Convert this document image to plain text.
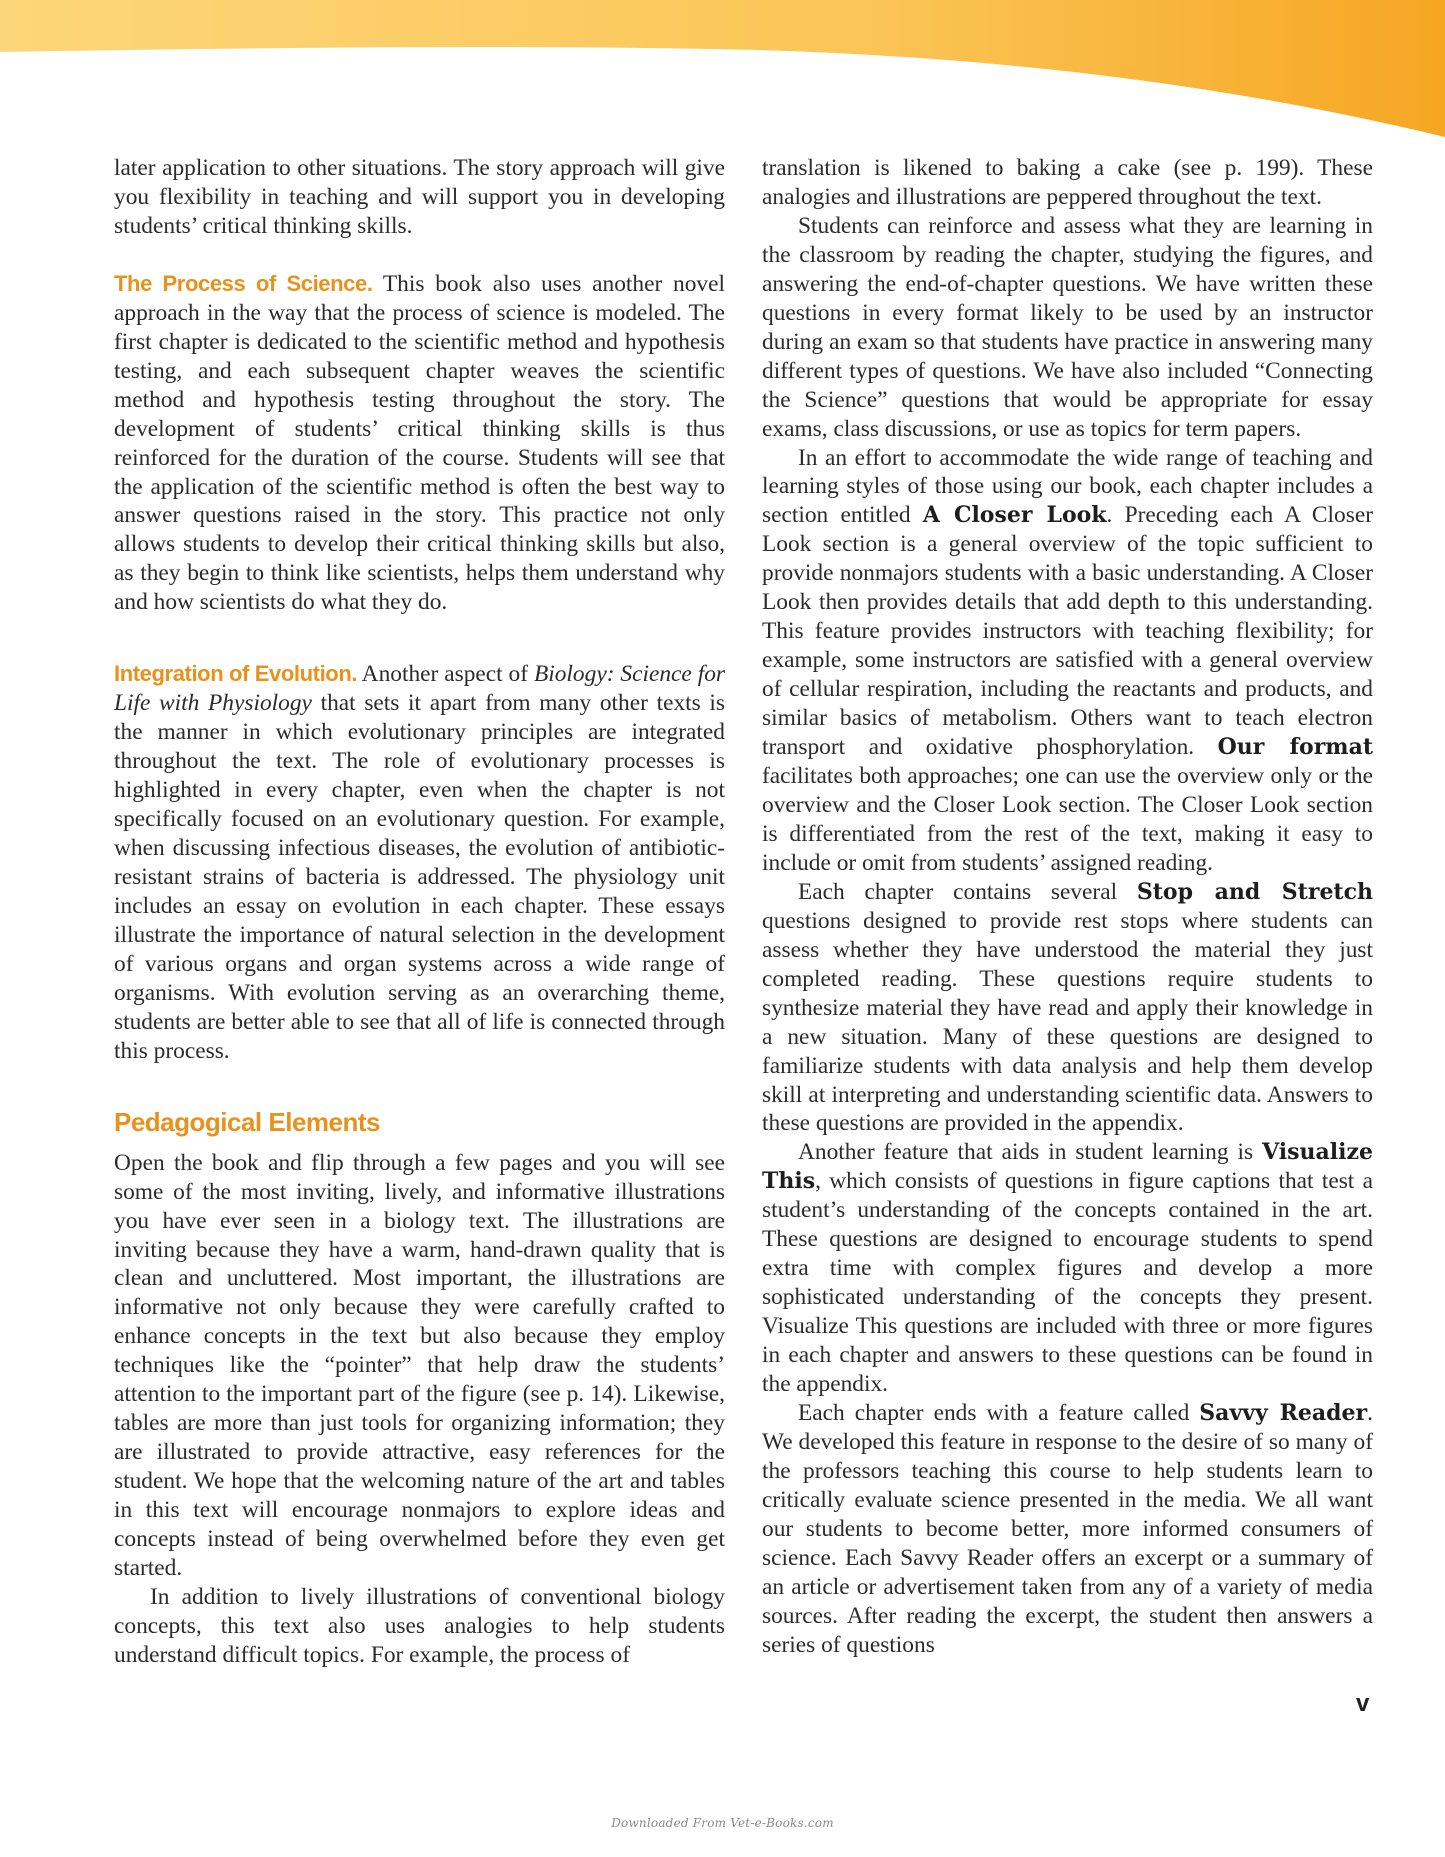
later application to other situations. The story approach will give you flexibility in teaching and will support you in developing students’ critical thinking skills.

The Process of Science. This book also uses another novel approach in the way that the process of science is modeled. The first chapter is dedicated to the scientific method and hypothesis testing, and each subsequent chapter weaves the scientific method and hypothesis testing throughout the story. The development of students’ critical thinking skills is thus reinforced for the duration of the course. Students will see that the application of the scientific method is often the best way to answer questions raised in the story. This practice not only allows students to develop their critical thinking skills but also, as they begin to think like scientists, helps them understand why and how scientists do what they do.

Integration of Evolution. Another aspect of Biology: Science for Life with Physiology that sets it apart from many other texts is the manner in which evolutionary principles are integrated throughout the text. The role of evolutionary processes is highlighted in every chapter, even when the chapter is not specifically focused on an evolutionary question. For example, when discussing infectious diseases, the evolution of antibiotic-resistant strains of bacteria is addressed. The physiology unit includes an essay on evolution in each chapter. These essays illustrate the importance of natural selection in the development of various organs and organ systems across a wide range of organisms. With evolution serving as an overarching theme, students are better able to see that all of life is connected through this process.

Pedagogical Elements

Open the book and flip through a few pages and you will see some of the most inviting, lively, and informative illustrations you have ever seen in a biology text. The illustrations are inviting because they have a warm, hand-drawn quality that is clean and uncluttered. Most important, the illustrations are informative not only because they were carefully crafted to enhance concepts in the text but also because they employ techniques like the “pointer” that help draw the students’ attention to the important part of the figure (see p. 14). Likewise, tables are more than just tools for organizing information; they are illustrated to provide attractive, easy references for the student. We hope that the welcoming nature of the art and tables in this text will encourage nonmajors to explore ideas and concepts instead of being overwhelmed before they even get started.

In addition to lively illustrations of conventional biology concepts, this text also uses analogies to help students understand difficult topics. For example, the process of

translation is likened to baking a cake (see p. 199). These analogies and illustrations are peppered throughout the text.

Students can reinforce and assess what they are learning in the classroom by reading the chapter, studying the figures, and answering the end-of-chapter questions. We have written these questions in every format likely to be used by an instructor during an exam so that students have practice in answering many different types of questions. We have also included “Connecting the Science” questions that would be appropriate for essay exams, class discussions, or use as topics for term papers.

In an effort to accommodate the wide range of teaching and learning styles of those using our book, each chapter includes a section entitled A Closer Look. Preceding each A Closer Look section is a general overview of the topic sufficient to provide nonmajors students with a basic understanding. A Closer Look then provides details that add depth to this understanding. This feature provides instructors with teaching flexibility; for example, some instructors are satisfied with a general overview of cellular respiration, including the reactants and products, and similar basics of metabolism. Others want to teach electron transport and oxidative phosphorylation. Our format facilitates both approaches; one can use the overview only or the overview and the Closer Look section. The Closer Look section is differentiated from the rest of the text, making it easy to include or omit from students’ assigned reading.

Each chapter contains several Stop and Stretch questions designed to provide rest stops where students can assess whether they have understood the material they just completed reading. These questions require students to synthesize material they have read and apply their knowledge in a new situation. Many of these questions are designed to familiarize students with data analysis and help them develop skill at interpreting and understanding scientific data. Answers to these questions are provided in the appendix.

Another feature that aids in student learning is Visualize This, which consists of questions in figure captions that test a student’s understanding of the concepts contained in the art. These questions are designed to encourage students to spend extra time with complex figures and develop a more sophisticated understanding of the concepts they present. Visualize This questions are included with three or more figures in each chapter and answers to these questions can be found in the appendix.

Each chapter ends with a feature called Savvy Reader. We developed this feature in response to the desire of so many of the professors teaching this course to help students learn to critically evaluate science presented in the media. We all want our students to become better, more informed consumers of science. Each Savvy Reader offers an excerpt or a summary of an article or advertisement taken from any of a variety of media sources. After reading the excerpt, the student then answers a series of questions

v
Downloaded From Vet-e-Books.com
